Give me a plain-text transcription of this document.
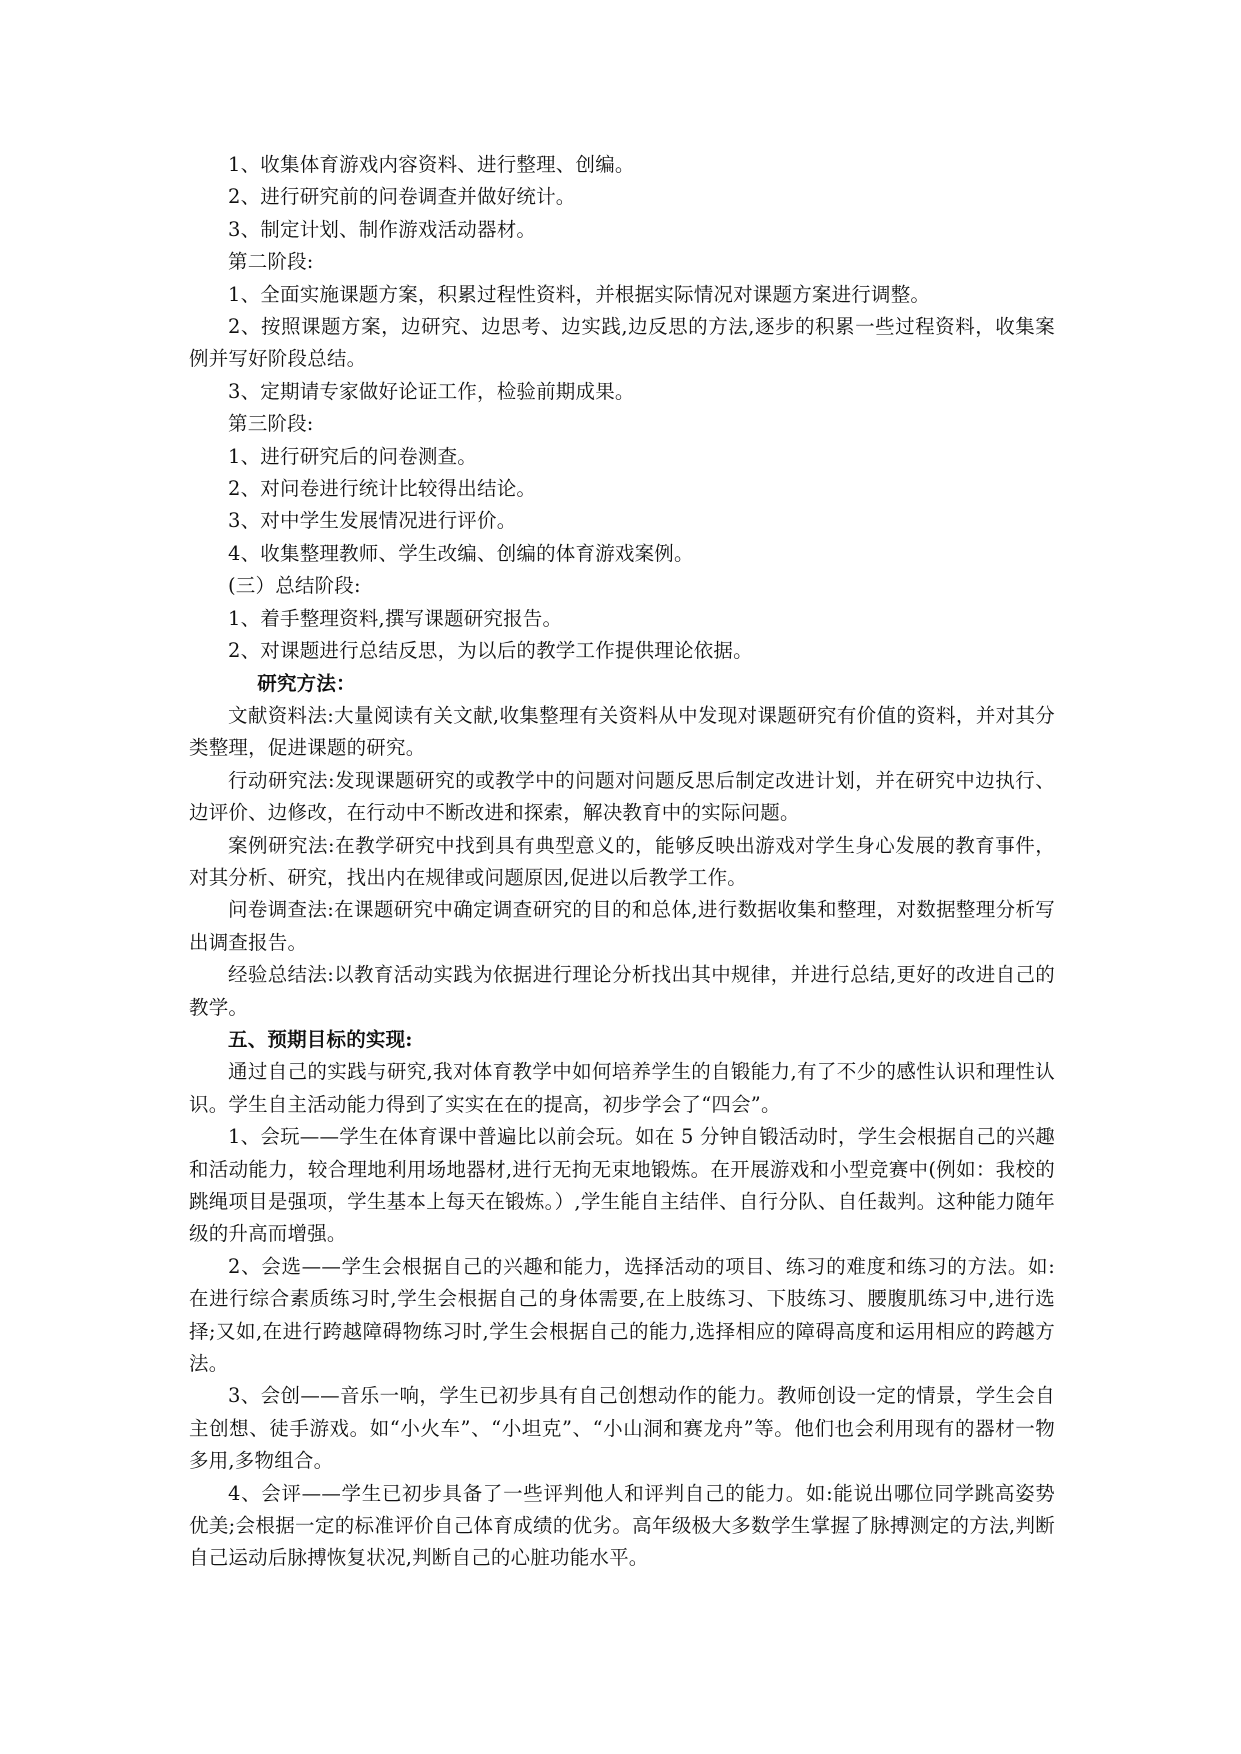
1、收集体育游戏内容资料、进行整理、创编。

2、进行研究前的问卷调查并做好统计。

3、制定计划、制作游戏活动器材。

第二阶段:

1、全面实施课题方案，积累过程性资料，并根据实际情况对课题方案进行调整。

2、按照课题方案，边研究、边思考、边实践,边反思的方法,逐步的积累一些过程资料，收集案例并写好阶段总结。

3、定期请专家做好论证工作，检验前期成果。

第三阶段:

1、进行研究后的问卷测查。

2、对问卷进行统计比较得出结论。

3、对中学生发展情况进行评价。

4、收集整理教师、学生改编、创编的体育游戏案例。

(三）总结阶段:

1、着手整理资料,撰写课题研究报告。

2、对课题进行总结反思，为以后的教学工作提供理论依据。

研究方法：

文献资料法:大量阅读有关文献,收集整理有关资料从中发现对课题研究有价值的资料，并对其分类整理，促进课题的研究。

行动研究法:发现课题研究的或教学中的问题对问题反思后制定改进计划，并在研究中边执行、边评价、边修改，在行动中不断改进和探索，解决教育中的实际问题。

案例研究法:在教学研究中找到具有典型意义的，能够反映出游戏对学生身心发展的教育事件，对其分析、研究，找出内在规律或问题原因,促进以后教学工作。

问卷调查法:在课题研究中确定调查研究的目的和总体,进行数据收集和整理，对数据整理分析写出调查报告。

经验总结法:以教育活动实践为依据进行理论分析找出其中规律，并进行总结,更好的改进自己的教学。

五、预期目标的实现:

通过自己的实践与研究,我对体育教学中如何培养学生的自锻能力,有了不少的感性认识和理性认识。学生自主活动能力得到了实实在在的提高，初步学会了“四会”。

1、会玩——学生在体育课中普遍比以前会玩。如在 5 分钟自锻活动时，学生会根据自己的兴趣和活动能力，较合理地利用场地器材,进行无拘无束地锻炼。在开展游戏和小型竞赛中(例如：我校的跳绳项目是强项，学生基本上每天在锻炼。）,学生能自主结伴、自行分队、自任裁判。这种能力随年级的升高而增强。

2、会选——学生会根据自己的兴趣和能力，选择活动的项目、练习的难度和练习的方法。如:在进行综合素质练习时,学生会根据自己的身体需要,在上肢练习、下肢练习、腰腹肌练习中,进行选择;又如,在进行跨越障碍物练习时,学生会根据自己的能力,选择相应的障碍高度和运用相应的跨越方法。

3、会创——音乐一响，学生已初步具有自己创想动作的能力。教师创设一定的情景，学生会自主创想、徒手游戏。如“小火车”、“小坦克”、“小山洞和赛龙舟”等。他们也会利用现有的器材一物多用,多物组合。

4、会评——学生已初步具备了一些评判他人和评判自己的能力。如:能说出哪位同学跳高姿势优美;会根据一定的标准评价自己体育成绩的优劣。高年级极大多数学生掌握了脉搏测定的方法,判断自己运动后脉搏恢复状况,判断自己的心脏功能水平。
